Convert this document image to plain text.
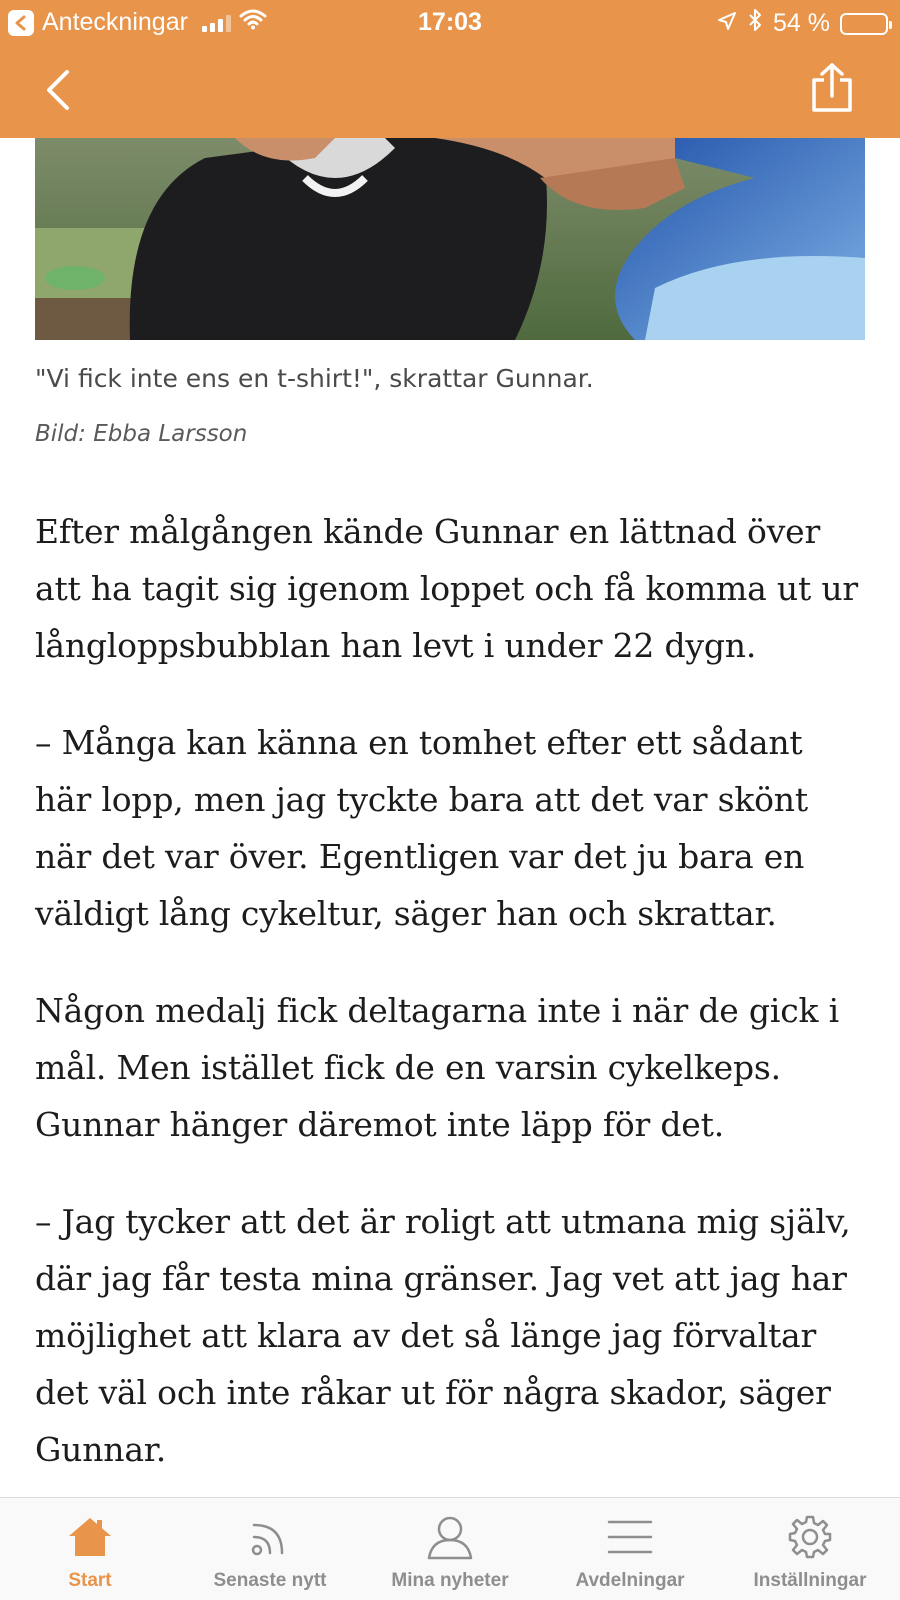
Anteckningar	17:03	54 %
"Vi fick inte ens en t-shirt!", skrattar Gunnar.
Bild: Ebba Larsson

Efter målgången kände Gunnar en lättnad över att ha tagit sig igenom loppet och få komma ut ur långloppsbubblan han levt i under 22 dygn.

– Många kan känna en tomhet efter ett sådant här lopp, men jag tyckte bara att det var skönt när det var över. Egentligen var det ju bara en väldigt lång cykeltur, säger han och skrattar.

Någon medalj fick deltagarna inte i när de gick i mål. Men istället fick de en varsin cykelkeps. Gunnar hänger däremot inte läpp för det.

– Jag tycker att det är roligt att utmana mig själv, där jag får testa mina gränser. Jag vet att jag har möjlighet att klara av det så länge jag förvaltar det väl och inte råkar ut för några skador, säger Gunnar.

Start	Senaste nytt	Mina nyheter	Avdelningar	Inställningar
